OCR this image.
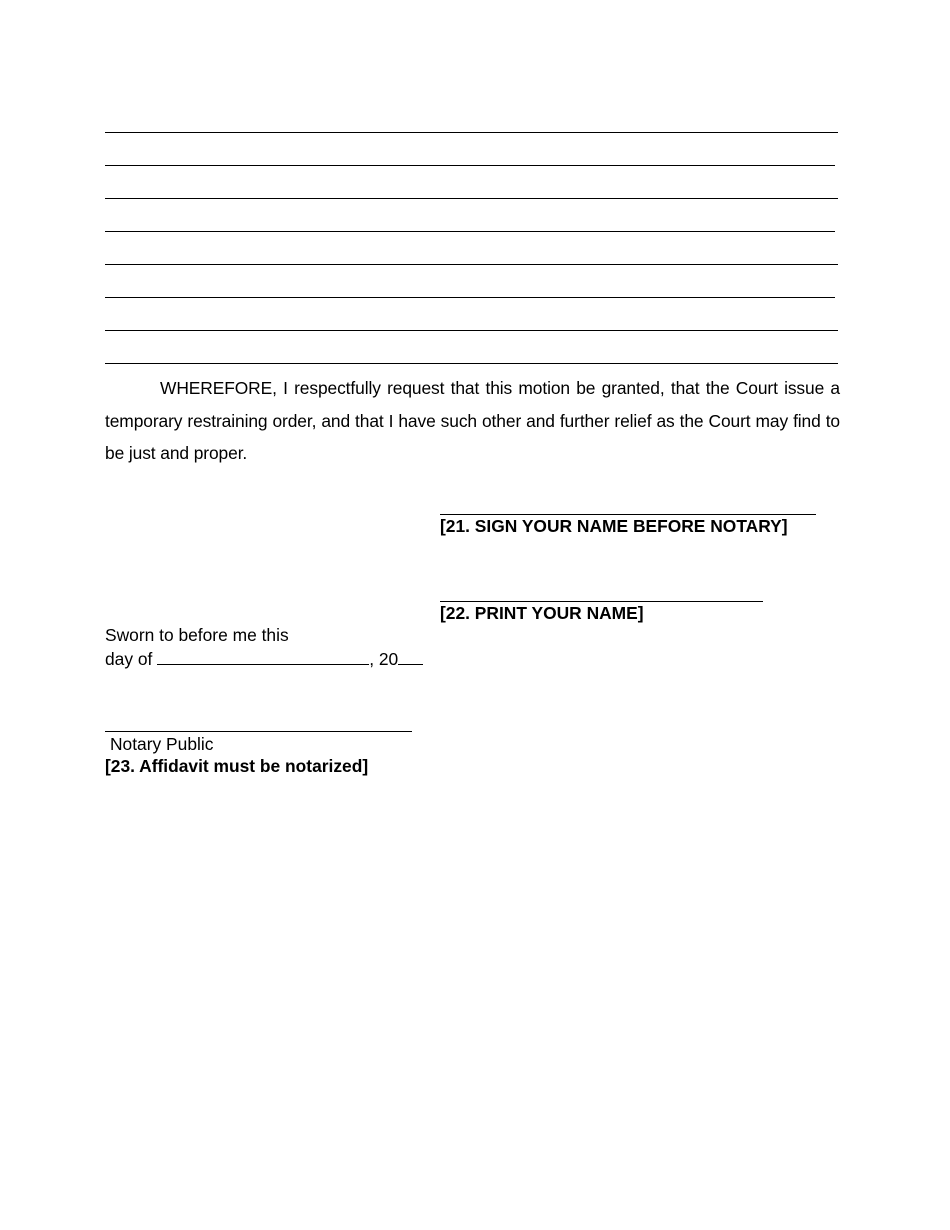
WHEREFORE, I respectfully request that this motion be granted, that the Court issue a temporary restraining order, and that I have such other and further relief as the Court may find to be just and proper.
[21. SIGN YOUR NAME BEFORE NOTARY]
[22. PRINT YOUR NAME]
Sworn to before me this
day of	, 20
Notary Public
[23. Affidavit must be notarized]
